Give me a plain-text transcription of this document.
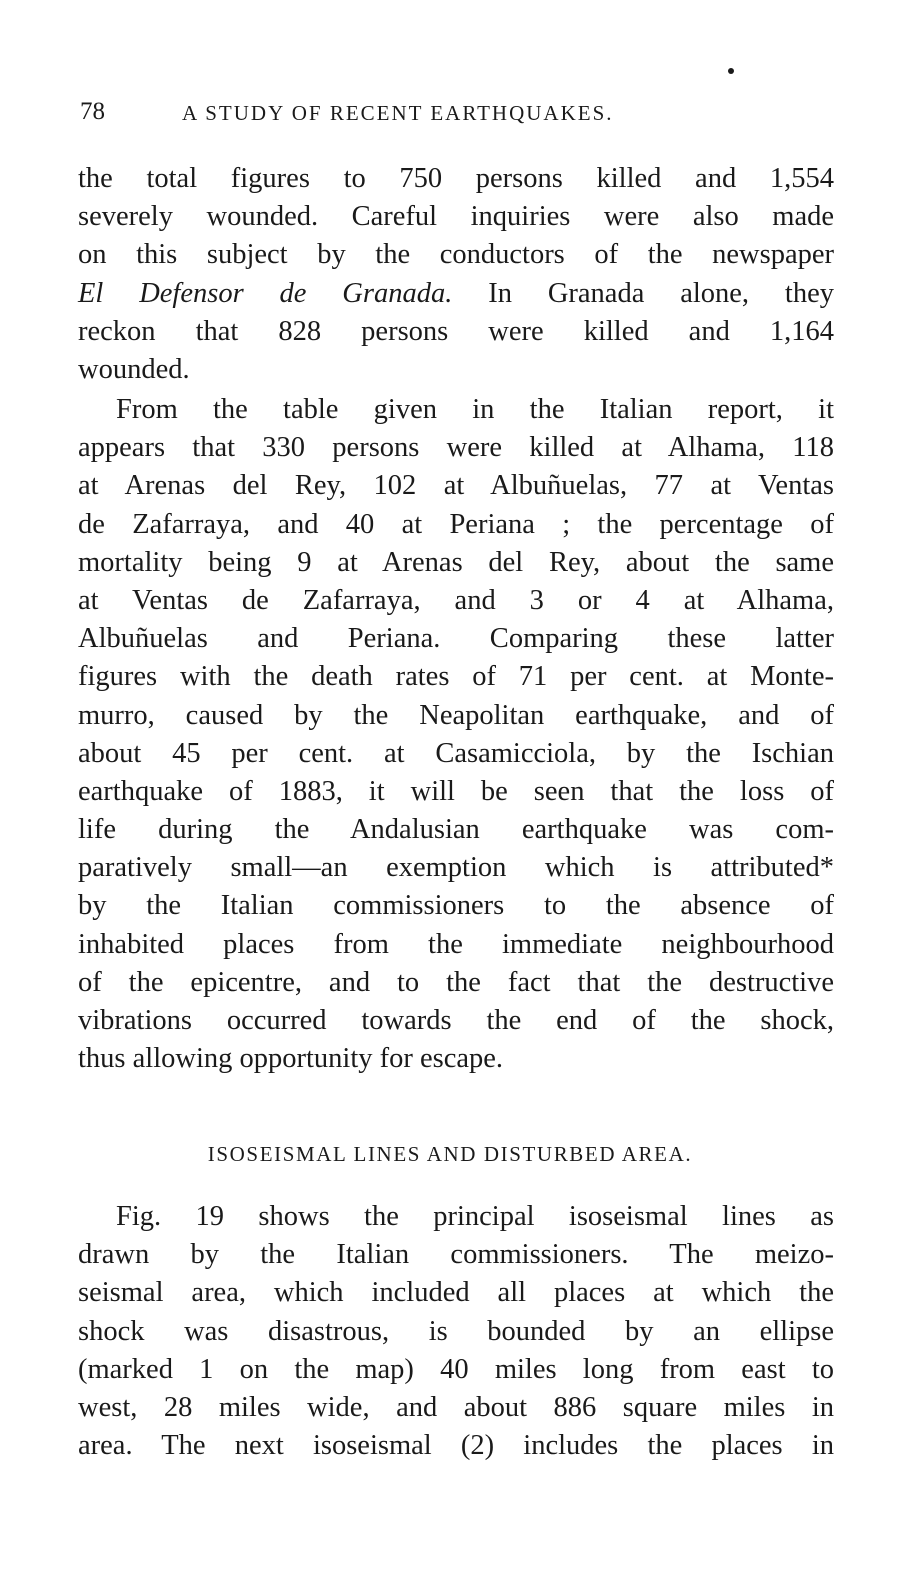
78	A STUDY OF RECENT EARTHQUAKES.
the total figures to 750 persons killed and 1,554
severely wounded. Careful inquiries were also made
on this subject by the conductors of the newspaper
El Defensor de Granada. In Granada alone, they
reckon that 828 persons were killed and 1,164
wounded.
From the table given in the Italian report, it
appears that 330 persons were killed at Alhama, 118
at Arenas del Rey, 102 at Albuñuelas, 77 at Ventas
de Zafarraya, and 40 at Periana ; the percentage of
mortality being 9 at Arenas del Rey, about the same
at Ventas de Zafarraya, and 3 or 4 at Alhama,
Albuñuelas and Periana. Comparing these latter
figures with the death rates of 71 per cent. at Monte-
murro, caused by the Neapolitan earthquake, and of
about 45 per cent. at Casamicciola, by the Ischian
earthquake of 1883, it will be seen that the loss of
life during the Andalusian earthquake was com-
paratively small—an exemption which is attributed*
by the Italian commissioners to the absence of
inhabited places from the immediate neighbourhood
of the epicentre, and to the fact that the destructive
vibrations occurred towards the end of the shock,
thus allowing opportunity for escape.
ISOSEISMAL LINES AND DISTURBED AREA.
Fig. 19 shows the principal isoseismal lines as
drawn by the Italian commissioners. The meizo-
seismal area, which included all places at which the
shock was disastrous, is bounded by an ellipse
(marked 1 on the map) 40 miles long from east to
west, 28 miles wide, and about 886 square miles in
area. The next isoseismal (2) includes the places in
